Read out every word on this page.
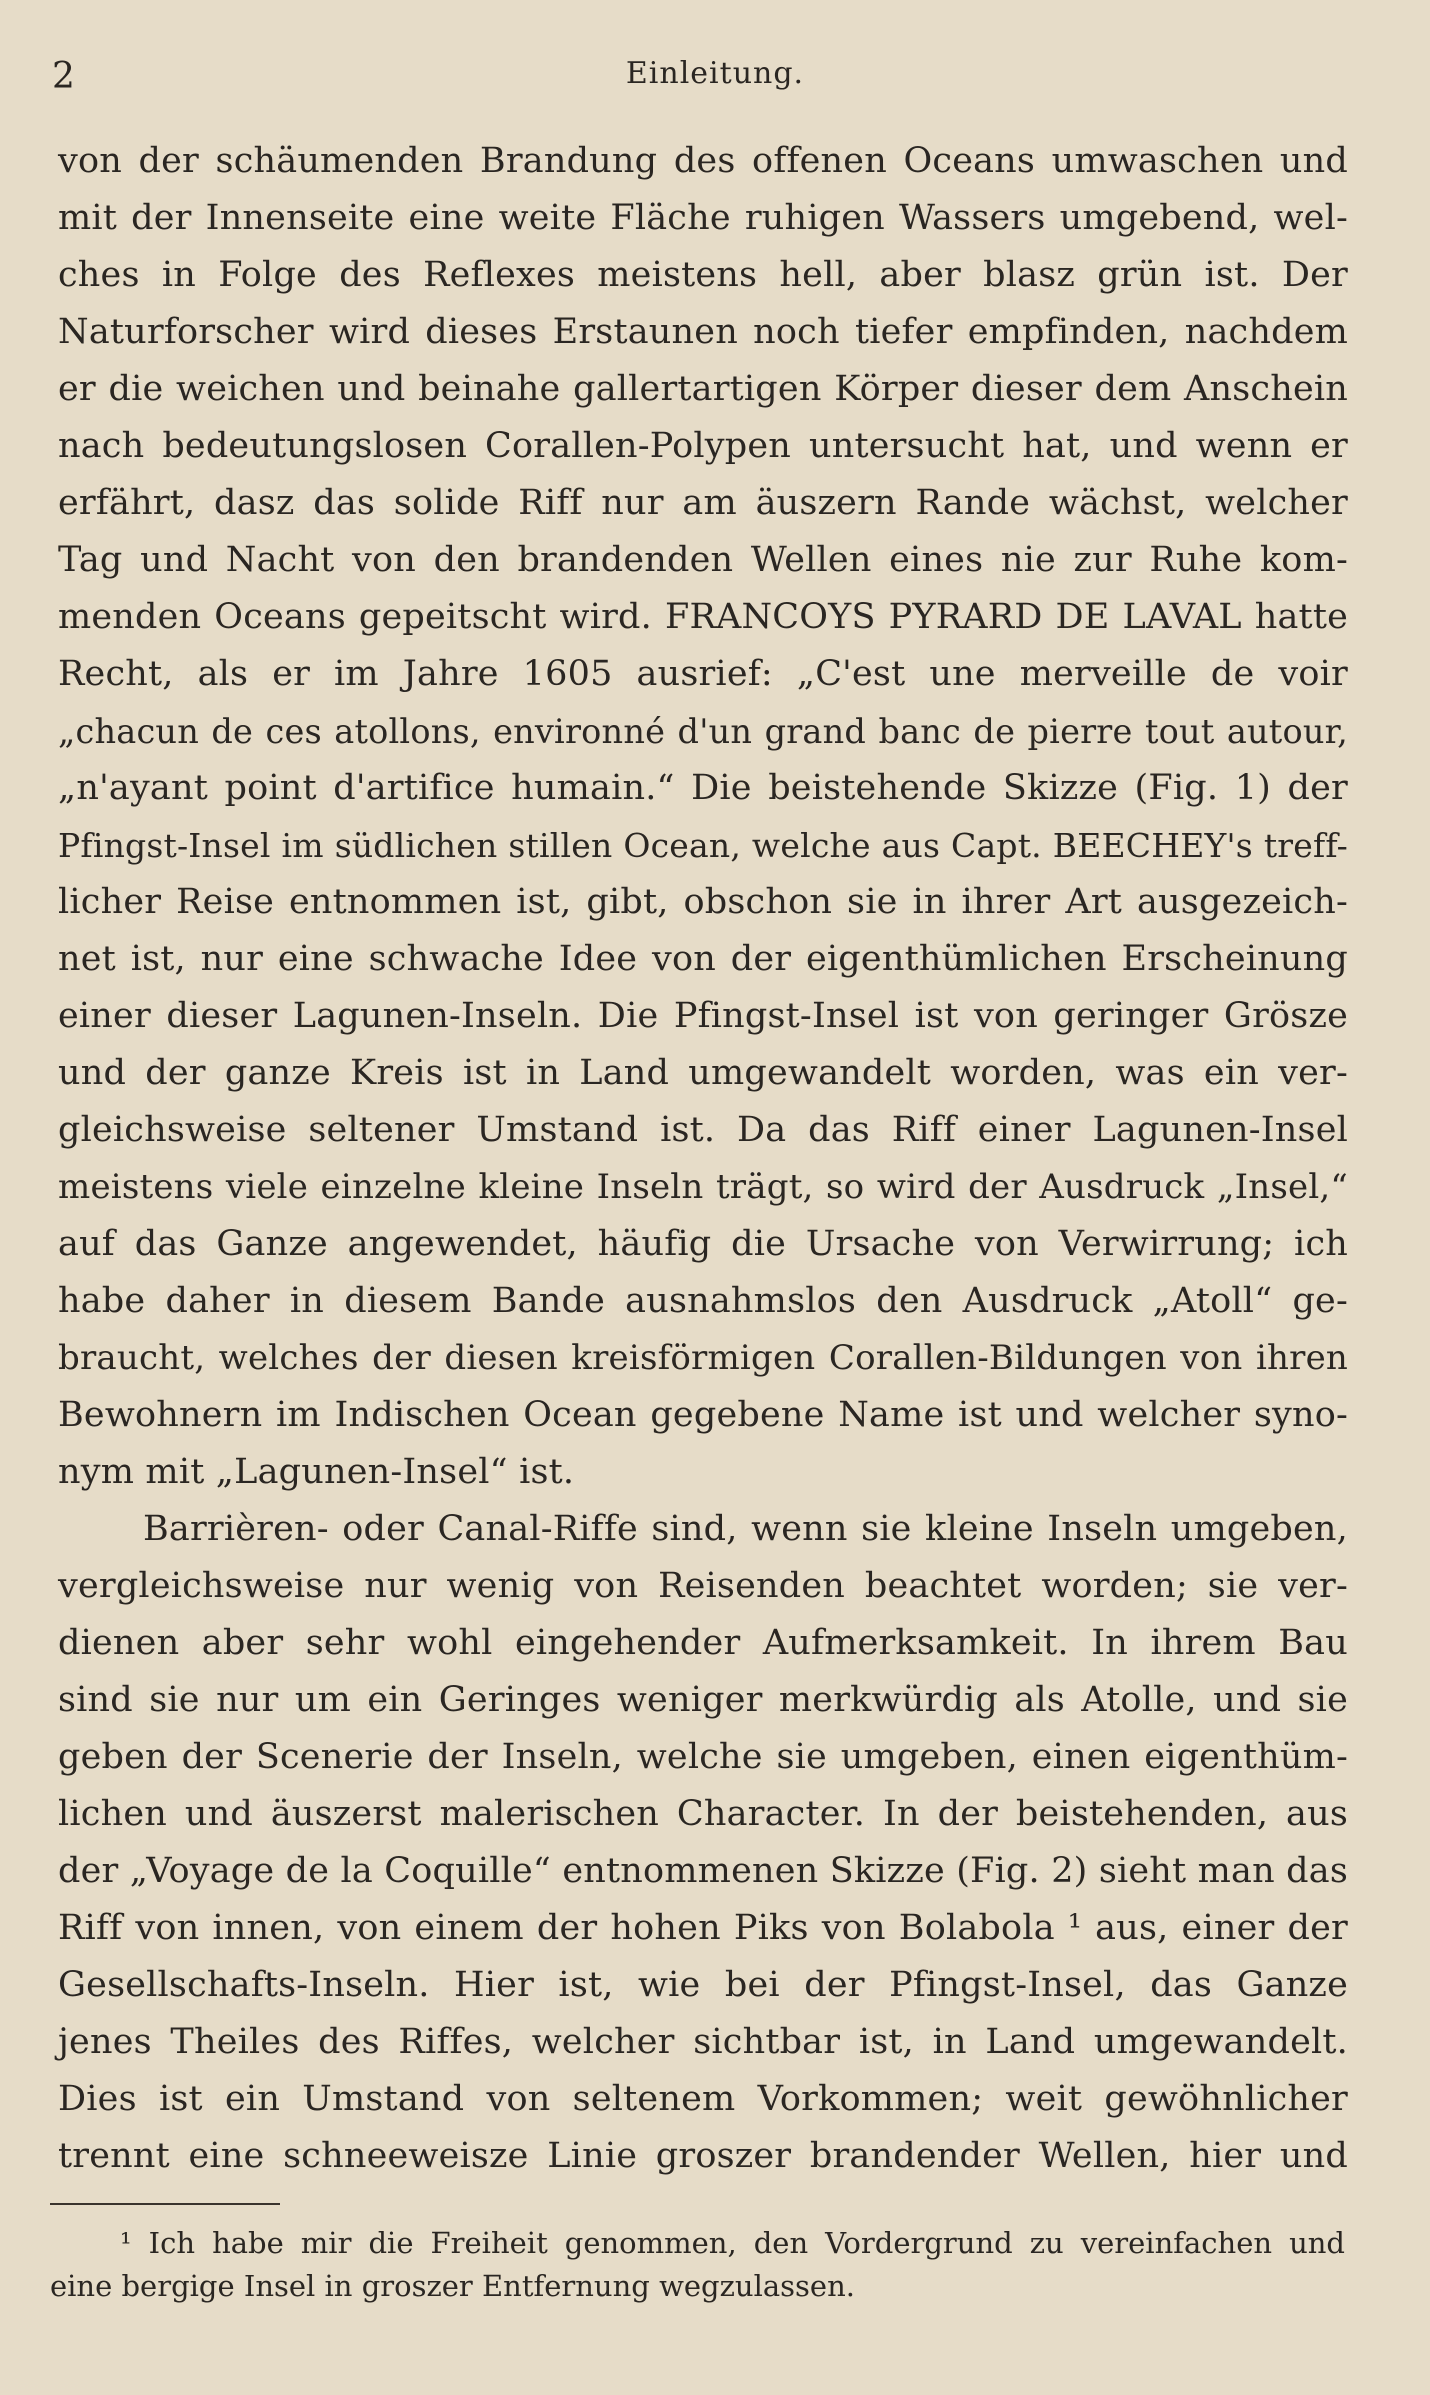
2	Einleitung.
von der schäumenden Brandung des offenen Oceans umwaschen und
mit der Innenseite eine weite Fläche ruhigen Wassers umgebend, wel-
ches in Folge des Reflexes meistens hell, aber blasz grün ist. Der
Naturforscher wird dieses Erstaunen noch tiefer empfinden, nachdem
er die weichen und beinahe gallertartigen Körper dieser dem Anschein
nach bedeutungslosen Corallen-Polypen untersucht hat, und wenn er
erfährt, dasz das solide Riff nur am äuszern Rande wächst, welcher
Tag und Nacht von den brandenden Wellen eines nie zur Ruhe kom-
menden Oceans gepeitscht wird. FRANCOYS PYRARD DE LAVAL hatte
Recht, als er im Jahre 1605 ausrief: „C'est une merveille de voir
„chacun de ces atollons, environné d'un grand banc de pierre tout autour,
„n'ayant point d'artifice humain.“ Die beistehende Skizze (Fig. 1) der
Pfingst-Insel im südlichen stillen Ocean, welche aus Capt. BEECHEY's treff-
licher Reise entnommen ist, gibt, obschon sie in ihrer Art ausgezeich-
net ist, nur eine schwache Idee von der eigenthümlichen Erscheinung
einer dieser Lagunen-Inseln. Die Pfingst-Insel ist von geringer Grösze
und der ganze Kreis ist in Land umgewandelt worden, was ein ver-
gleichsweise seltener Umstand ist. Da das Riff einer Lagunen-Insel
meistens viele einzelne kleine Inseln trägt, so wird der Ausdruck „Insel,“
auf das Ganze angewendet, häufig die Ursache von Verwirrung; ich
habe daher in diesem Bande ausnahmslos den Ausdruck „Atoll“ ge-
braucht, welches der diesen kreisförmigen Corallen-Bildungen von ihren
Bewohnern im Indischen Ocean gegebene Name ist und welcher syno-
nym mit „Lagunen-Insel“ ist.
Barrièren- oder Canal-Riffe sind, wenn sie kleine Inseln umgeben,
vergleichsweise nur wenig von Reisenden beachtet worden; sie ver-
dienen aber sehr wohl eingehender Aufmerksamkeit. In ihrem Bau
sind sie nur um ein Geringes weniger merkwürdig als Atolle, und sie
geben der Scenerie der Inseln, welche sie umgeben, einen eigenthüm-
lichen und äuszerst malerischen Character. In der beistehenden, aus
der „Voyage de la Coquille“ entnommenen Skizze (Fig. 2) sieht man das
Riff von innen, von einem der hohen Piks von Bolabola ¹ aus, einer der
Gesellschafts-Inseln. Hier ist, wie bei der Pfingst-Insel, das Ganze
jenes Theiles des Riffes, welcher sichtbar ist, in Land umgewandelt.
Dies ist ein Umstand von seltenem Vorkommen; weit gewöhnlicher
trennt eine schneeweisze Linie groszer brandender Wellen, hier und
¹ Ich habe mir die Freiheit genommen, den Vordergrund zu vereinfachen und
eine bergige Insel in groszer Entfernung wegzulassen.
